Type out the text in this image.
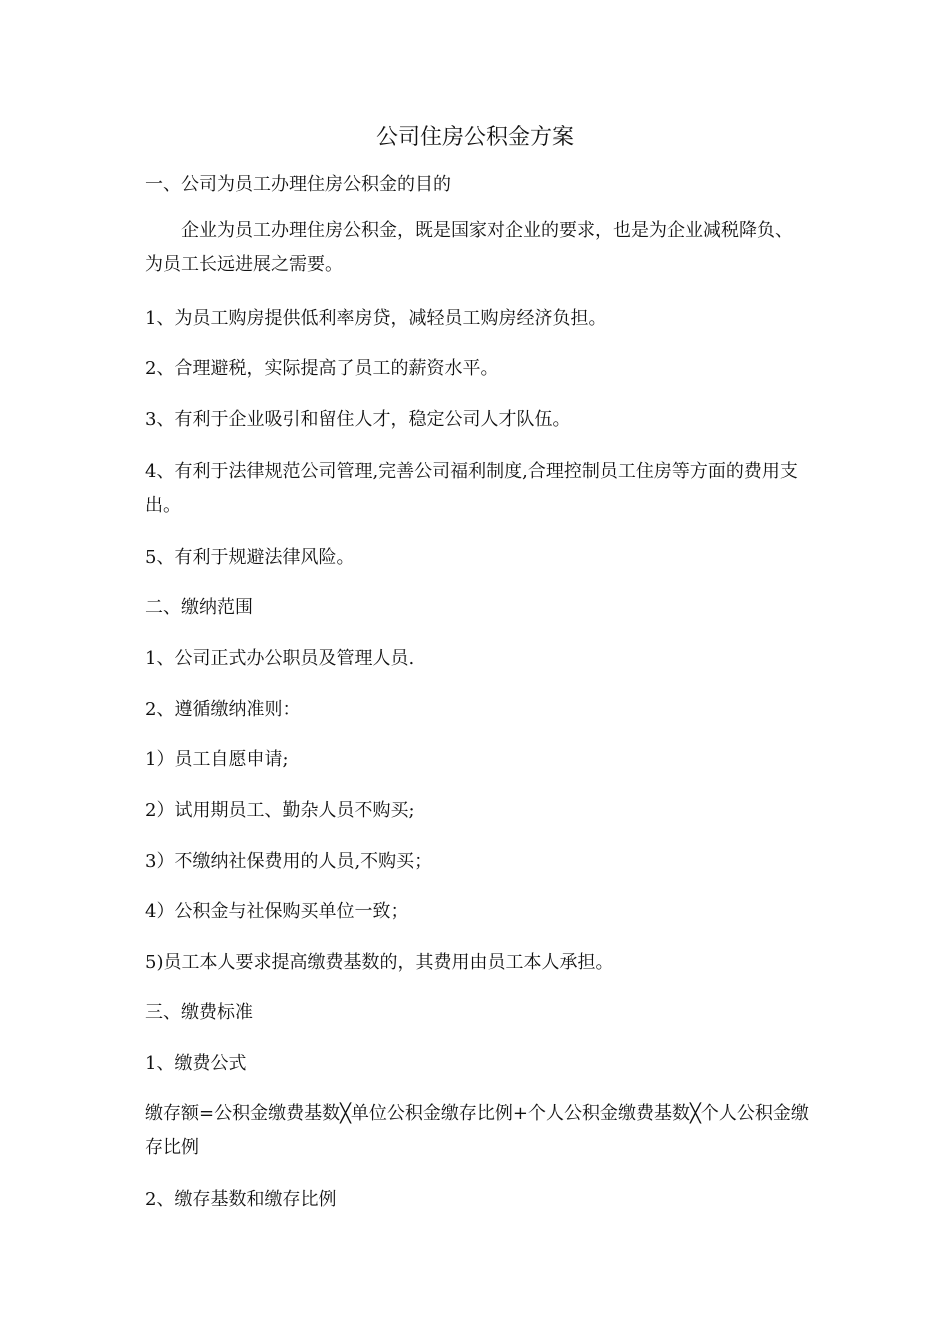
公司住房公积金方案
一、公司为员工办理住房公积金的目的
企业为员工办理住房公积金，既是国家对企业的要求，也是为企业减税降负、为员工长远进展之需要。
1、为员工购房提供低利率房贷，减轻员工购房经济负担。
2、合理避税，实际提高了员工的薪资水平。
3、有利于企业吸引和留住人才，稳定公司人才队伍。
4、有利于法律规范公司管理,完善公司福利制度,合理控制员工住房等方面的费用支出。
5、有利于规避法律风险。
二、缴纳范围
1、公司正式办公职员及管理人员.
2、遵循缴纳准则：
1）员工自愿申请;
2）试用期员工、勤杂人员不购买;
3）不缴纳社保费用的人员,不购买；
4）公积金与社保购买单位一致；
5)员工本人要求提高缴费基数的，其费用由员工本人承担。
三、缴费标准
1、缴费公式
缴存额=公积金缴费基数╳单位公积金缴存比例+个人公积金缴费基数╳个人公积金缴存比例
2、缴存基数和缴存比例
